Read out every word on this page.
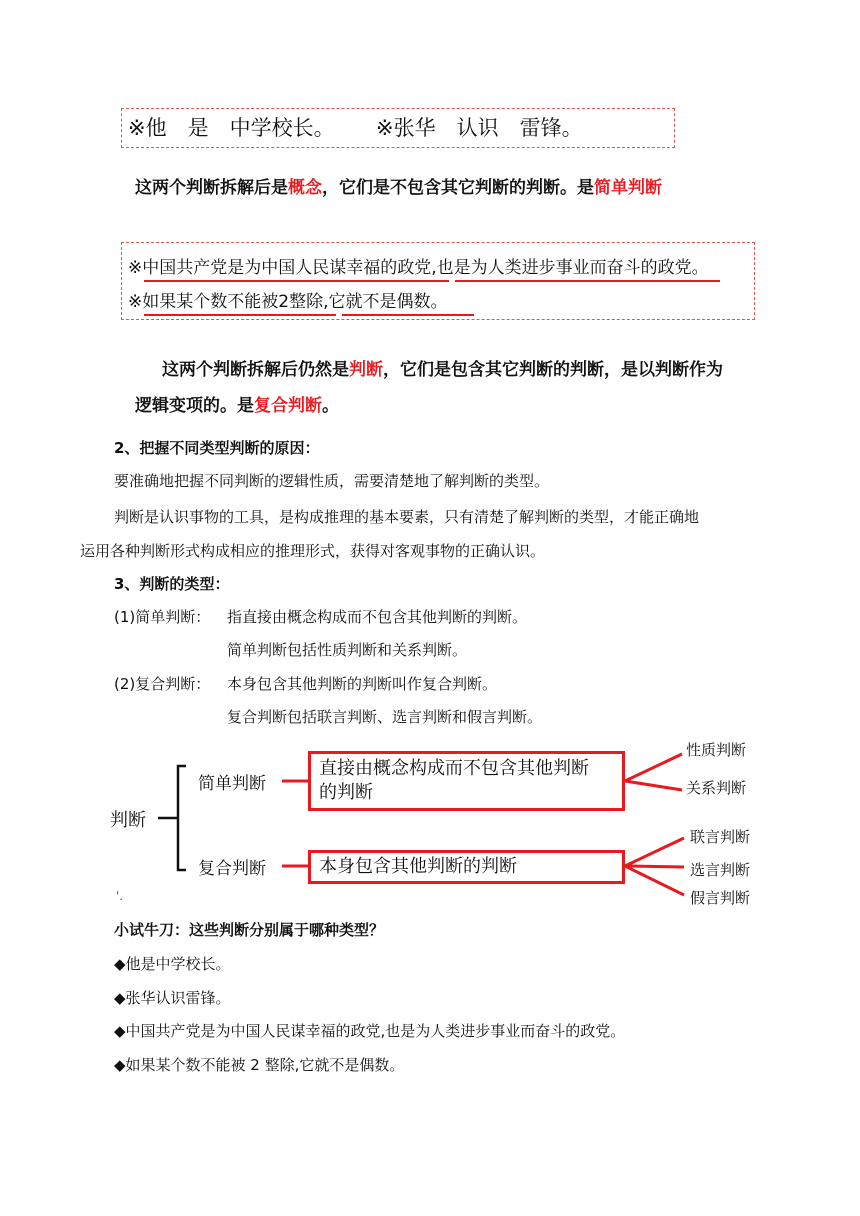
※他　是　中学校长。 ※张华　认识　雷锋。
这两个判断拆解后是概念，它们是不包含其它判断的判断。是简单判断
※中国共产党是为中国人民谋幸福的政党,也是为人类进步事业而奋斗的政党。
※如果某个数不能被2整除,它就不是偶数。
这两个判断拆解后仍然是判断，它们是包含其它判断的判断，是以判断作为
逻辑变项的。是复合判断。
2、把握不同类型判断的原因：
要准确地把握不同判断的逻辑性质，需要清楚地了解判断的类型。
判断是认识事物的工具，是构成推理的基本要素，只有清楚了解判断的类型，才能正确地
运用各种判断形式构成相应的推理形式，获得对客观事物的正确认识。
3、判断的类型：
(1)简单判断： 指直接由概念构成而不包含其他判断的判断。
简单判断包括性质判断和关系判断。
(2)复合判断： 本身包含其他判断的判断叫作复合判断。
复合判断包括联言判断、选言判断和假言判断。
判断
简单判断
复合判断
直接由概念构成而不包含其他判断
的判断
本身包含其他判断的判断
性质判断
关系判断
联言判断
选言判断
假言判断
'.
小试牛刀：这些判断分别属于哪种类型？
◆他是中学校长。
◆张华认识雷锋。
◆中国共产党是为中国人民谋幸福的政党,也是为人类进步事业而奋斗的政党。
◆如果某个数不能被 2 整除,它就不是偶数。
